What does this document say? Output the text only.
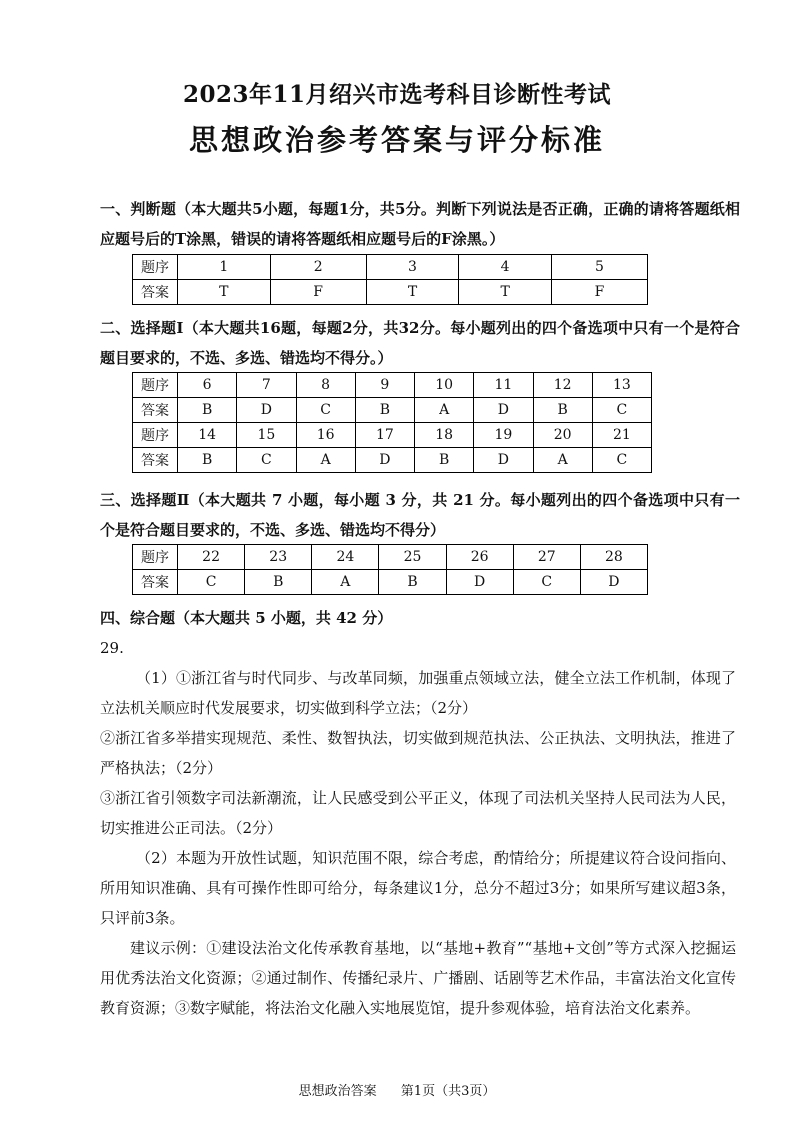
2023年11月绍兴市选考科目诊断性考试
思想政治参考答案与评分标准
一、判断题（本大题共5小题，每题1分，共5分。判断下列说法是否正确，正确的请将答题纸相应题号后的T涂黑，错误的请将答题纸相应题号后的F涂黑。）
题序	1	2	3	4	5
答案	T	F	T	T	F
二、选择题Ⅰ（本大题共16题，每题2分，共32分。每小题列出的四个备选项中只有一个是符合题目要求的，不选、多选、错选均不得分。）
题序	6	7	8	9	10	11	12	13
答案	B	D	C	B	A	D	B	C
题序	14	15	16	17	18	19	20	21
答案	B	C	A	D	B	D	A	C
三、选择题Ⅱ（本大题共 7 小题，每小题 3 分，共 21 分。每小题列出的四个备选项中只有一个是符合题目要求的，不选、多选、错选均不得分）
题序	22	23	24	25	26	27	28
答案	C	B	A	B	D	C	D
四、综合题（本大题共 5 小题，共 42 分）
29.
（1）①浙江省与时代同步、与改革同频，加强重点领域立法，健全立法工作机制，体现了立法机关顺应时代发展要求，切实做到科学立法；（2分）
②浙江省多举措实现规范、柔性、数智执法，切实做到规范执法、公正执法、文明执法，推进了严格执法；（2分）
③浙江省引领数字司法新潮流，让人民感受到公平正义，体现了司法机关坚持人民司法为人民，切实推进公正司法。（2分）
（2）本题为开放性试题，知识范围不限，综合考虑，酌情给分；所提建议符合设问指向、所用知识准确、具有可操作性即可给分，每条建议1分，总分不超过3分；如果所写建议超3条，只评前3条。
建议示例：①建设法治文化传承教育基地，以“基地+教育”“基地+文创”等方式深入挖掘运用优秀法治文化资源；②通过制作、传播纪录片、广播剧、话剧等艺术作品，丰富法治文化宣传教育资源；③数字赋能，将法治文化融入实地展览馆，提升参观体验，培育法治文化素养。
思想政治答案 第1页（共3页）
